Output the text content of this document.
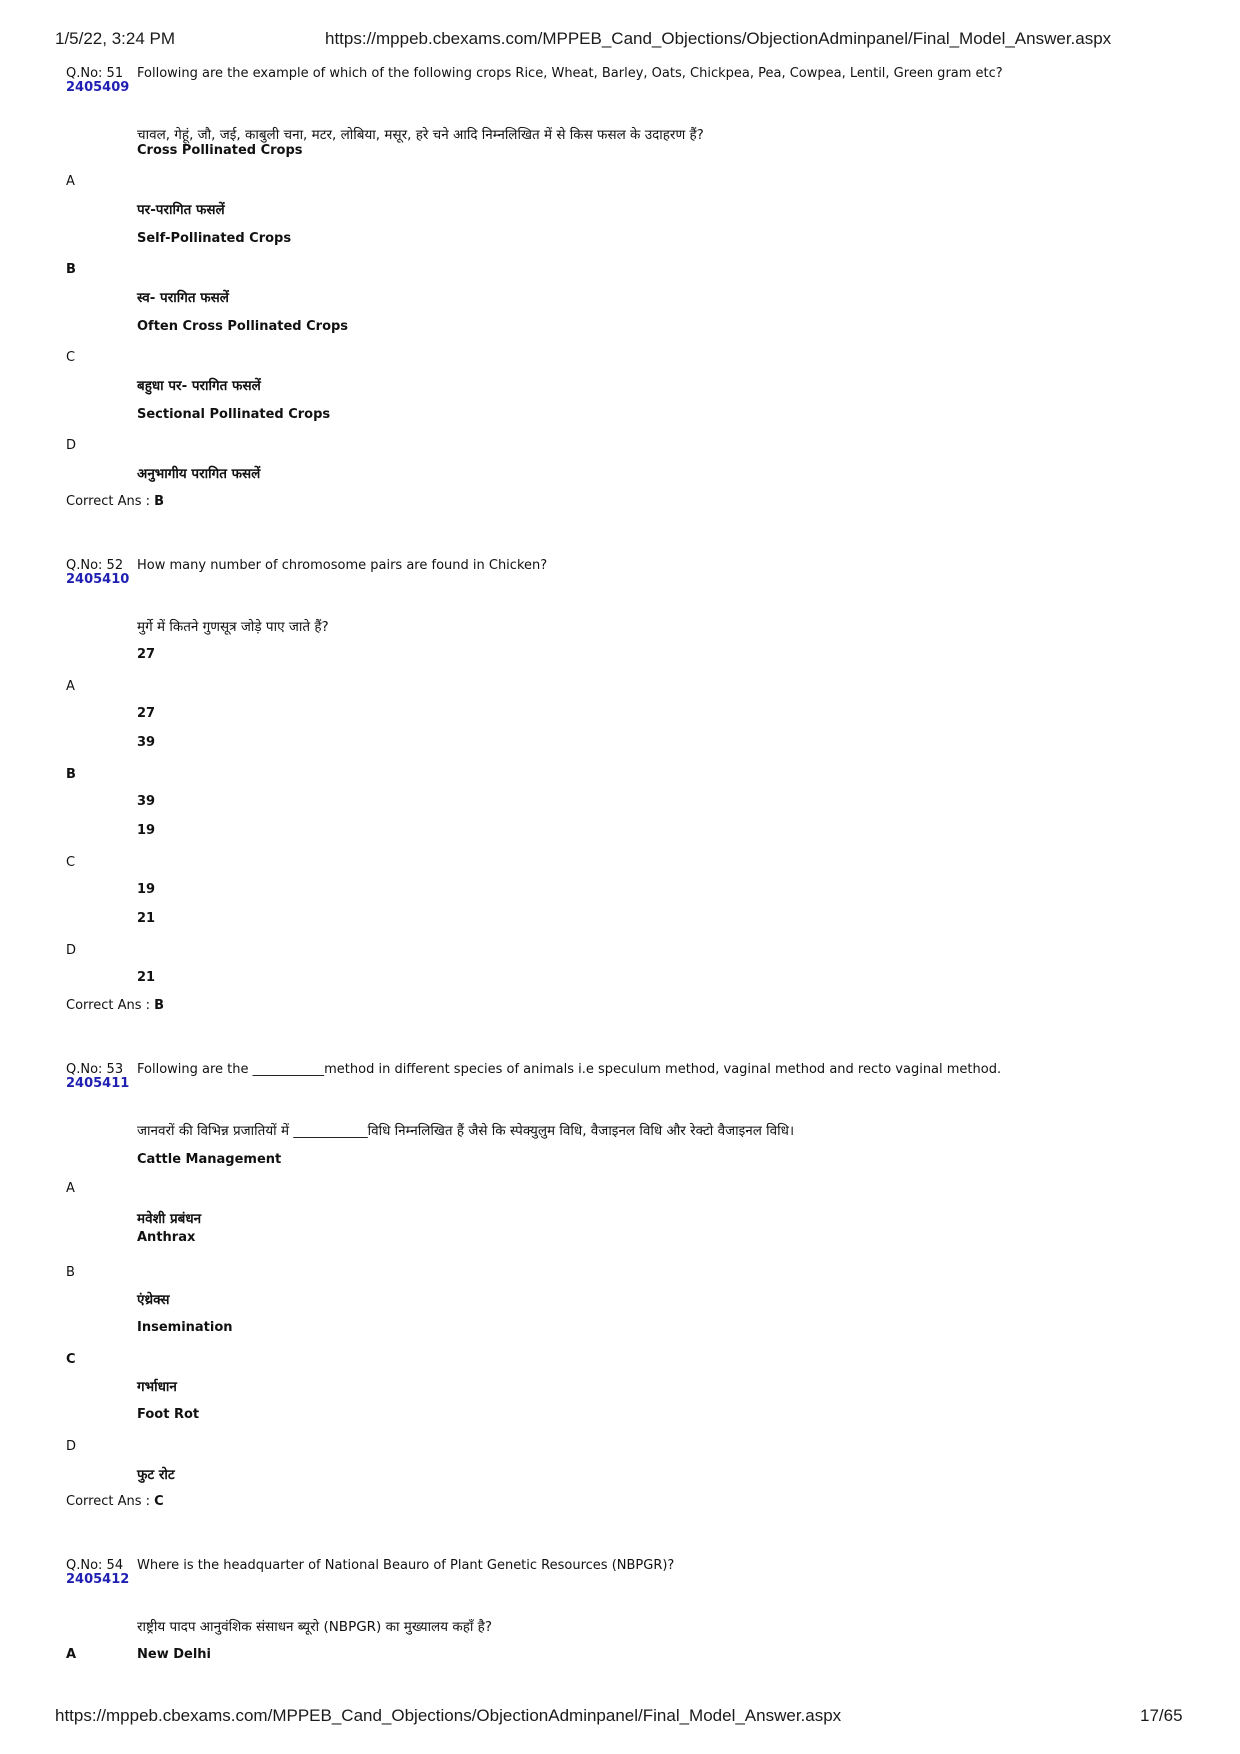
1/5/22, 3:24 PM	https://mppeb.cbexams.com/MPPEB_Cand_Objections/ObjectionAdminpanel/Final_Model_Answer.aspx
Q.No: 51
2405409
Following are the example of which of the following crops Rice, Wheat, Barley, Oats, Chickpea, Pea, Cowpea, Lentil, Green gram etc?
चावल, गेहूं, जौ, जई, काबुली चना, मटर, लोबिया, मसूर, हरे चने आदि निम्नलिखित में से किस फसल के उदाहरण हैं?
Cross Pollinated Crops
A
पर-परागित फसलें
Self-Pollinated Crops
B
स्व- परागित फसलें
Often Cross Pollinated Crops
C
बहुधा पर- परागित फसलें
Sectional Pollinated Crops
D
अनुभागीय परागित फसलें
Correct Ans : B
Q.No: 52
2405410
How many number of chromosome pairs are found in Chicken?
मुर्गे में कितने गुणसूत्र जोड़े पाए जाते हैं?
27
A
27
39
B
39
19
C
19
21
D
21
Correct Ans : B
Q.No: 53
2405411
Following are the ___________method in different species of animals i.e speculum method, vaginal method and recto vaginal method.
जानवरों की विभिन्न प्रजातियों में ___________विधि निम्नलिखित हैं जैसे कि स्पेक्युलुम विधि, वैजाइनल विधि और रेक्टो वैजाइनल विधि।
Cattle Management
A
मवेशी प्रबंधन
Anthrax
B
एंथ्रेक्स
Insemination
C
गर्भाधान
Foot Rot
D
फुट रोट
Correct Ans : C
Q.No: 54
2405412
Where is the headquarter of National Beauro of Plant Genetic Resources (NBPGR)?
राष्ट्रीय पादप आनुवंशिक संसाधन ब्यूरो (NBPGR) का मुख्यालय कहाँ है?
A	New Delhi
https://mppeb.cbexams.com/MPPEB_Cand_Objections/ObjectionAdminpanel/Final_Model_Answer.aspx	17/65
